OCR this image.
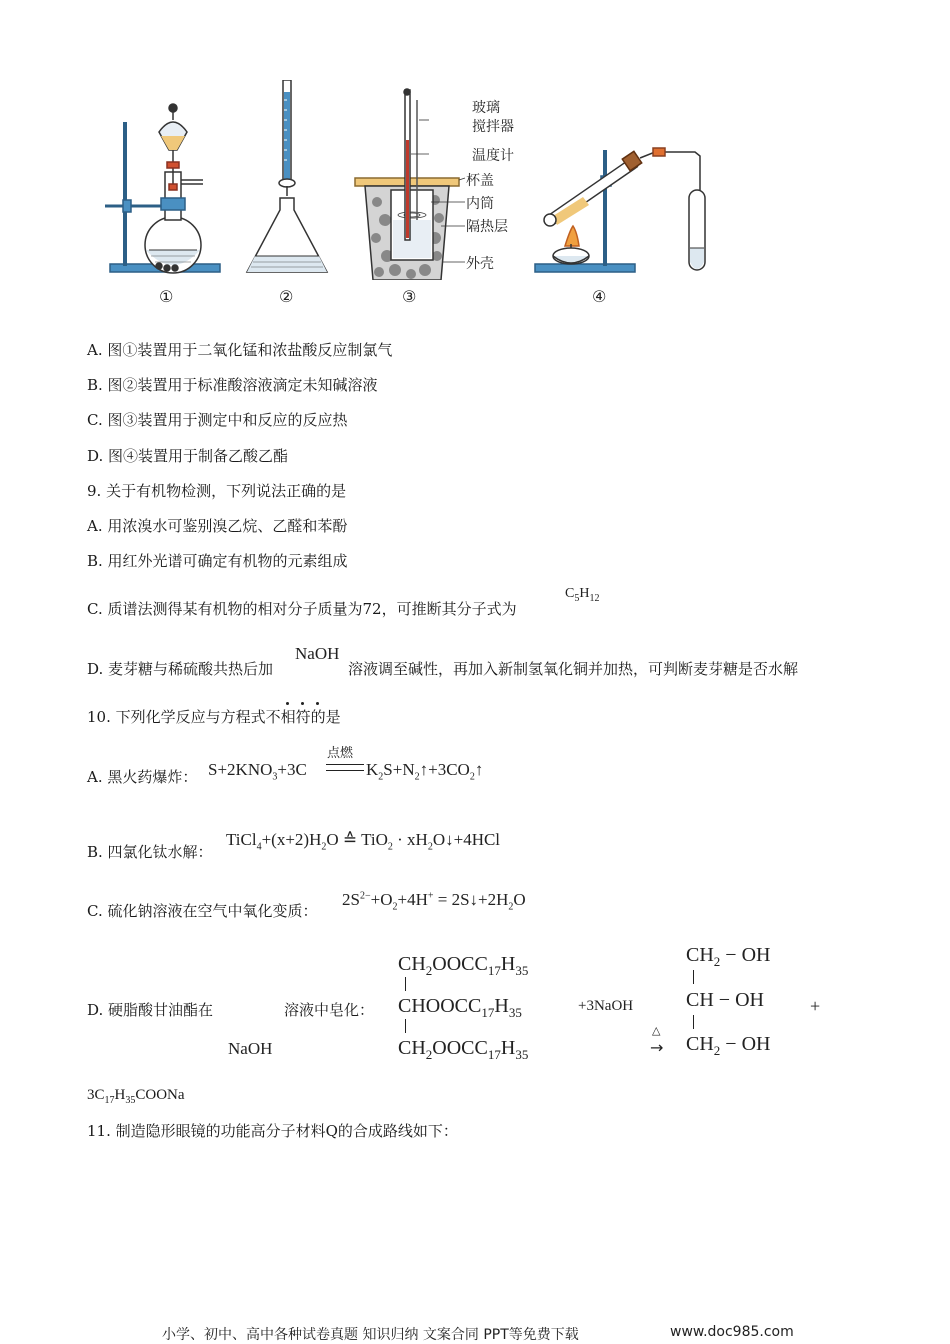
玻璃
搅拌器
温度计
杯盖
内筒
隔热层
外壳
①	②	③	④
A. 图①装置用于二氧化锰和浓盐酸反应制氯气
B. 图②装置用于标准酸溶液滴定未知碱溶液
C. 图③装置用于测定中和反应的反应热
D. 图④装置用于制备乙酸乙酯
9. 关于有机物检测，下列说法正确的是
A. 用浓溴水可鉴别溴乙烷、乙醛和苯酚
B. 用红外光谱可确定有机物的元素组成
C. 质谱法测得某有机物的相对分子质量为72，可推断其分子式为
$C_5H_{12}$
D. 麦芽糖与稀硫酸共热后加
NaOH
溶液调至碱性，再加入新制氢氧化铜并加热，可判断麦芽糖是否水解
10. 下列化学反应与方程式不相符的是
A. 黑火药爆炸： $S+2KNO_3+3C$
点燃
$K_2S+N_2↑+3CO_2↑$
B. 四氯化钛水解：
$TiCl_4+(x+2)H_2O$ ≙ $TiO_2 \cdot xH_2O↓+4HCl$
C. 硫化钠溶液在空气中氧化变质：
$2S^{2-}+O_2+4H^+$ = $2S↓+2H_2O$
D. 硬脂酸甘油酯在	溶液中皂化：
NaOH
$CH_2OOCC_{17}H_{35}$
$CHOOCC_{17}H_{35}$
$CH_2OOCC_{17}H_{35}$
+3NaOH
△
→
$CH_2$ − OH
CH − OH
$CH_2$ − OH
+
$3C_{17}H_{35}COONa$
11. 制造隐形眼镜的功能高分子材料Q的合成路线如下：
小学、初中、高中各种试卷真题 知识归纳 文案合同 PPT等免费下载	www.doc985.com
